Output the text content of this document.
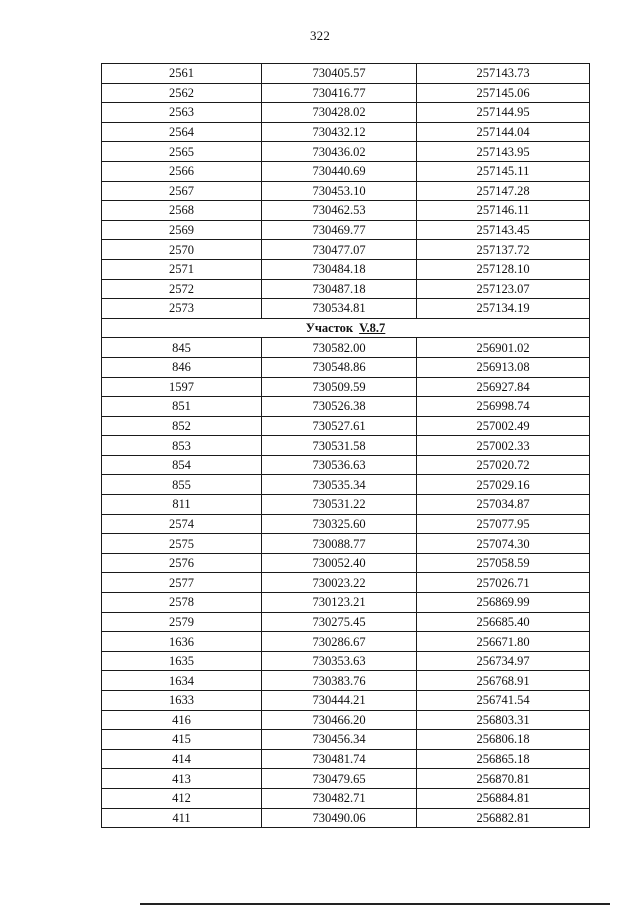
322
2561	730405.57	257143.73
2562	730416.77	257145.06
2563	730428.02	257144.95
2564	730432.12	257144.04
2565	730436.02	257143.95
2566	730440.69	257145.11
2567	730453.10	257147.28
2568	730462.53	257146.11
2569	730469.77	257143.45
2570	730477.07	257137.72
2571	730484.18	257128.10
2572	730487.18	257123.07
2573	730534.81	257134.19
Участок V.8.7		
845	730582.00	256901.02
846	730548.86	256913.08
1597	730509.59	256927.84
851	730526.38	256998.74
852	730527.61	257002.49
853	730531.58	257002.33
854	730536.63	257020.72
855	730535.34	257029.16
811	730531.22	257034.87
2574	730325.60	257077.95
2575	730088.77	257074.30
2576	730052.40	257058.59
2577	730023.22	257026.71
2578	730123.21	256869.99
2579	730275.45	256685.40
1636	730286.67	256671.80
1635	730353.63	256734.97
1634	730383.76	256768.91
1633	730444.21	256741.54
416	730466.20	256803.31
415	730456.34	256806.18
414	730481.74	256865.18
413	730479.65	256870.81
412	730482.71	256884.81
411	730490.06	256882.81
